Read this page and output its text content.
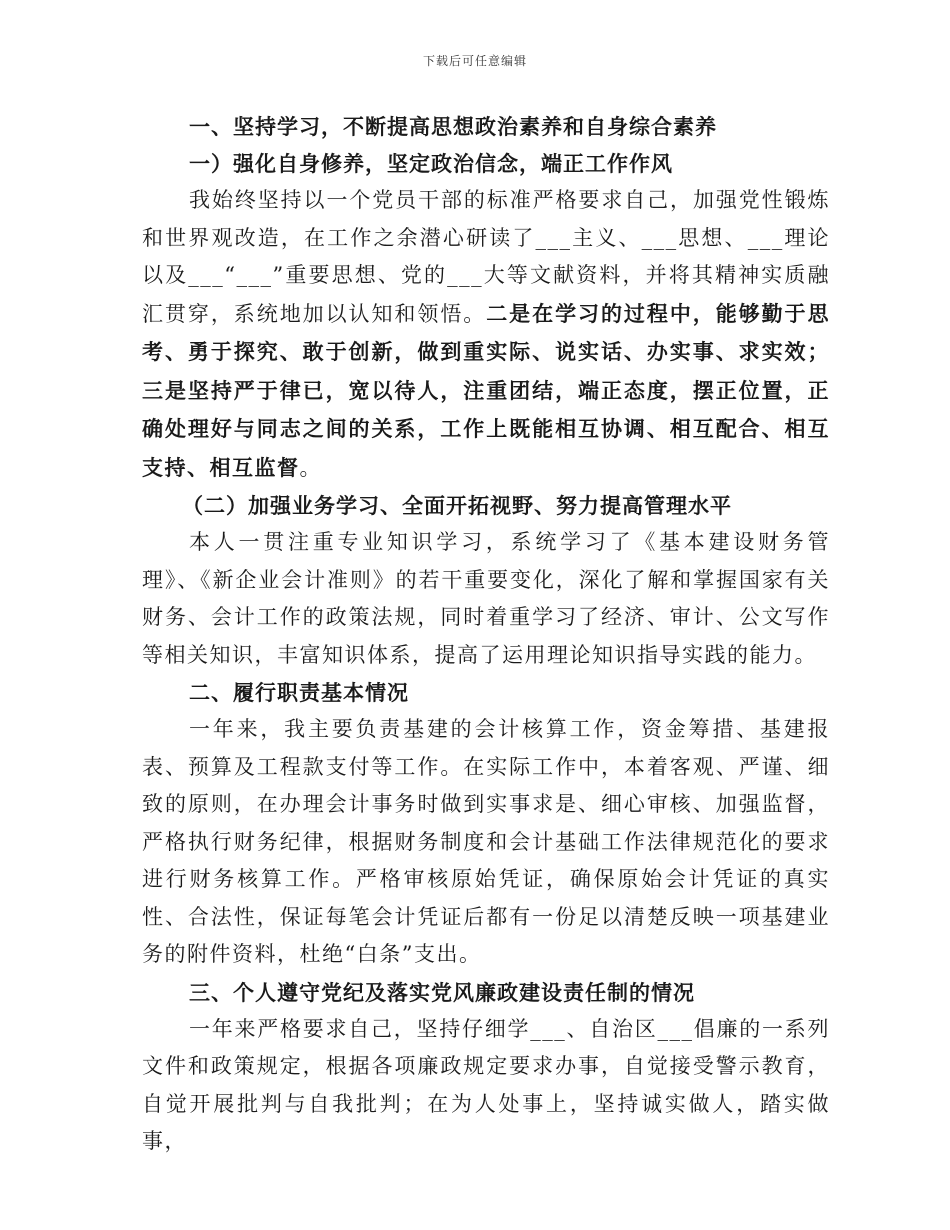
下载后可任意编辑
一、坚持学习，不断提高思想政治素养和自身综合素养
一）强化自身修养，坚定政治信念，端正工作作风
我始终坚持以一个党员干部的标准严格要求自己，加强党性锻炼和世界观改造，在工作之余潜心研读了___主义、___思想、___理论以及___“___”重要思想、党的___大等文献资料，并将其精神实质融汇贯穿，系统地加以认知和领悟。二是在学习的过程中，能够勤于思考、勇于探究、敢于创新，做到重实际、说实话、办实事、求实效；三是坚持严于律已，宽以待人，注重团结，端正态度，摆正位置，正确处理好与同志之间的关系，工作上既能相互协调、相互配合、相互支持、相互监督。
（二）加强业务学习、全面开拓视野、努力提高管理水平
本人一贯注重专业知识学习，系统学习了《基本建设财务管理》、《新企业会计准则》的若干重要变化，深化了解和掌握国家有关财务、会计工作的政策法规，同时着重学习了经济、审计、公文写作等相关知识，丰富知识体系，提高了运用理论知识指导实践的能力。
二、履行职责基本情况
一年来，我主要负责基建的会计核算工作，资金筹措、基建报表、预算及工程款支付等工作。在实际工作中，本着客观、严谨、细致的原则，在办理会计事务时做到实事求是、细心审核、加强监督，严格执行财务纪律，根据财务制度和会计基础工作法律规范化的要求进行财务核算工作。严格审核原始凭证，确保原始会计凭证的真实性、合法性，保证每笔会计凭证后都有一份足以清楚反映一项基建业务的附件资料，杜绝“白条”支出。
三、个人遵守党纪及落实党风廉政建设责任制的情况
一年来严格要求自己，坚持仔细学___、自治区___倡廉的一系列文件和政策规定，根据各项廉政规定要求办事，自觉接受警示教育，自觉开展批判与自我批判；在为人处事上，坚持诚实做人，踏实做事，
